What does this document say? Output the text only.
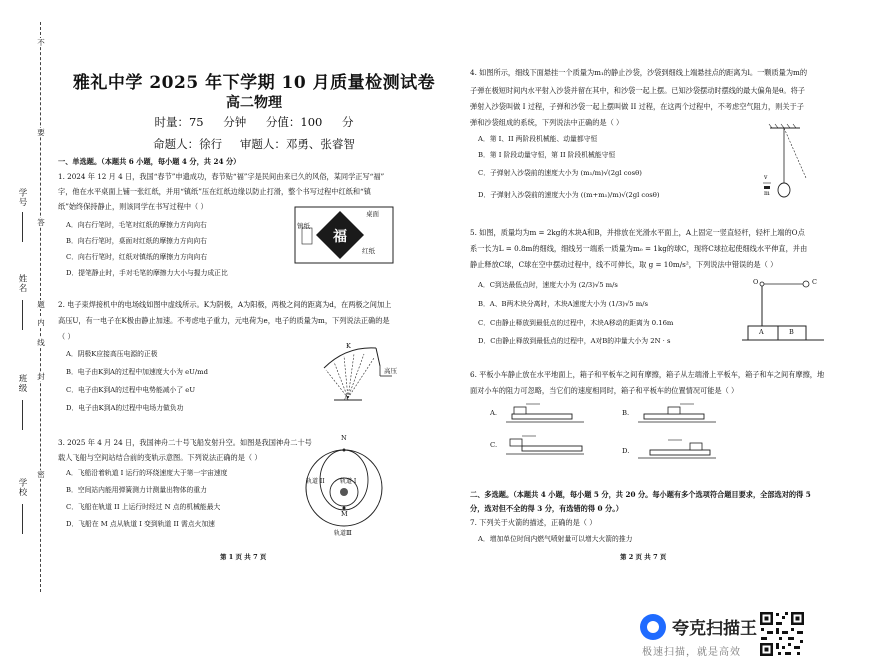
学号
姓名
班级
学校
不
要
答
题
内
线
封
密
雅礼中学 2025 年下学期 10 月质量检测试卷
高二物理
时量：75 分钟 分值：100 分
命题人：徐行 审题人：邓勇、张睿智
一、单选题。（本题共 6 小题，每小题 4 分，共 24 分）
1. 2024 年 12 月 4 日，我国“春节”申遗成功，春节贴“福”字是民间由来已久的风俗，某同学正写“福”
字，他在水平桌面上铺一张红纸，并用“镇纸”压在红纸边缘以防止打滑，整个书写过程中红纸和“镇
纸”始终保持静止，则该同学在书写过程中（ ）
A．向右行笔时，毛笔对红纸的摩擦力方向向右
B．向右行笔时，桌面对红纸的摩擦力方向向右
C．向右行笔时，红纸对镇纸的摩擦力方向向右
D．提笔静止时，手对毛笔的摩擦力大小与握力成正比
桌面
镇纸
红纸
福
2. 电子束焊接机中的电场线如图中虚线所示。K为阴极，A为阳极，两极之间的距离为d，在两极之间加上
高压U，有一电子在K极由静止加速。不考虑电子重力，元电荷为e，电子的质量为m，下列说法正确的是
（ ）
A．阴极K应接高压电源的正极
B．电子由K到A的过程中加速度大小为 eU/md
C．电子由K到A的过程中电势能减小了 eU
D．电子由K到A的过程中电场力做负功
K
A
高压
3. 2025 年 4 月 24 日，我国神舟二十号飞船发射升空。如图是我国神舟二十号
载人飞船与空间站结合前的变轨示意图。下列说法正确的是（ ）
A．飞船沿着轨道 I 运行的环绕速度大于第一宇宙速度
B．空间站内能用弹簧测力计测量出物体的重力
C．飞船在轨道 II 上运行时经过 N 点的机械能最大
D．飞船在 M 点从轨道 I 变到轨道 II 需点火加速
N
M
轨道 I
轨道 II
轨道Ⅲ
第 1 页 共 7 页
4. 如图所示，细线下面悬挂一个质量为m₁的静止沙袋，沙袋到细线上端悬挂点的距离为l。一颗质量为m的
子弹在极短时间内水平射入沙袋并留在其中，和沙袋一起上摆。已知沙袋摆动时摆线的最大偏角是θ。将子
弹射入沙袋叫做 I 过程，子弹和沙袋一起上摆叫做 II 过程，在这两个过程中，不考虑空气阻力，则关于子
弹和沙袋组成的系统，下列说法中正确的是（ ）
A．第 I、II 两阶段机械能、动量都守恒
B．第 I 阶段动量守恒，第 II 阶段机械能守恒
C．子弹射入沙袋前的速度大小为 (m₁/m)√(2gl cosθ)
D．子弹射入沙袋前的速度大小为 ((m+m₁)/m)√(2gl cosθ)
v
m
5. 如图，质量均为m = 2kg的木块A和B，并排放在光滑水平面上，A上固定一竖直轻杆，轻杆上端的O点
系一长为L = 0.8m的细线，细线另一端系一质量为m₀ = 1kg的球C，现将C球拉起使细线水平伸直，并由
静止释放C球，C球在空中摆动过程中，线不可伸长，取 g = 10m/s²，下列说法中错误的是（ ）
A．C到达最低点时，速度大小为 (2/3)√5 m/s
B．A、B两木块分离时，木块A速度大小为 (1/3)√5 m/s
C．C由静止释放到最低点的过程中，木块A移动的距离为 0.16m
D．C由静止释放到最低点的过程中，A对B的冲量大小为 2N · s
O	C
A	B
6. 平板小车静止放在水平地面上，箱子和平板车之间有摩擦，箱子从左端滑上平板车，箱子和车之间有摩擦，地
面对小车的阻力可忽略，当它们的速度相同时，箱子和平板车的位置情况可能是（ ）
A.	B.
C.
D.
二、多选题。（本题共 4 小题，每小题 5 分，共 20 分。每小题有多个选项符合题目要求，全部选对的得 5
分，选对但不全的得 3 分，有选错的得 0 分。）
7. 下列关于火箭的描述，正确的是（ ）
A．增加单位时间内燃气喷射量可以增大火箭的推力
第 2 页 共 7 页
夸克扫描王
极速扫描，就是高效
